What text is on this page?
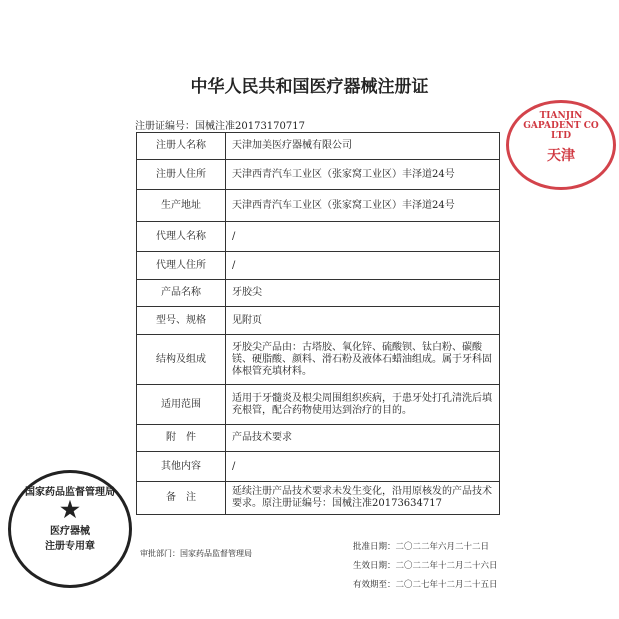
中华人民共和国医疗器械注册证
注册证编号：国械注准20173170717
注册人名称	天津加美医疗器械有限公司
注册人住所	天津西青汽车工业区（张家窝工业区）丰泽道24号
生产地址	天津西青汽车工业区（张家窝工业区）丰泽道24号
代理人名称	/
代理人住所	/
产品名称	牙胶尖
型号、规格	见附页
结构及组成	牙胶尖产品由：古塔胶、氧化锌、硫酸钡、钛白粉、碳酸镁、硬脂酸、颜料、滑石粉及液体石蜡油组成。属于牙科固体根管充填材料。
适用范围	适用于牙髓炎及根尖周围组织疾病，于患牙处打孔清洗后填充根管，配合药物使用达到治疗的目的。
附　件	产品技术要求
其他内容	/
备　注	延续注册产品技术要求未发生变化，沿用原核发的产品技术要求。原注册证编号：国械注准20173634717
审批部门：国家药品监督管理局
批准日期：二〇二二年六月二十二日
生效日期：二〇二二年十二月二十六日
有效期至：二〇二七年十二月二十五日
TIANJIN GAPADENT CO LTD
天津
国家药品监督管理局
★
医疗器械
注册专用章
